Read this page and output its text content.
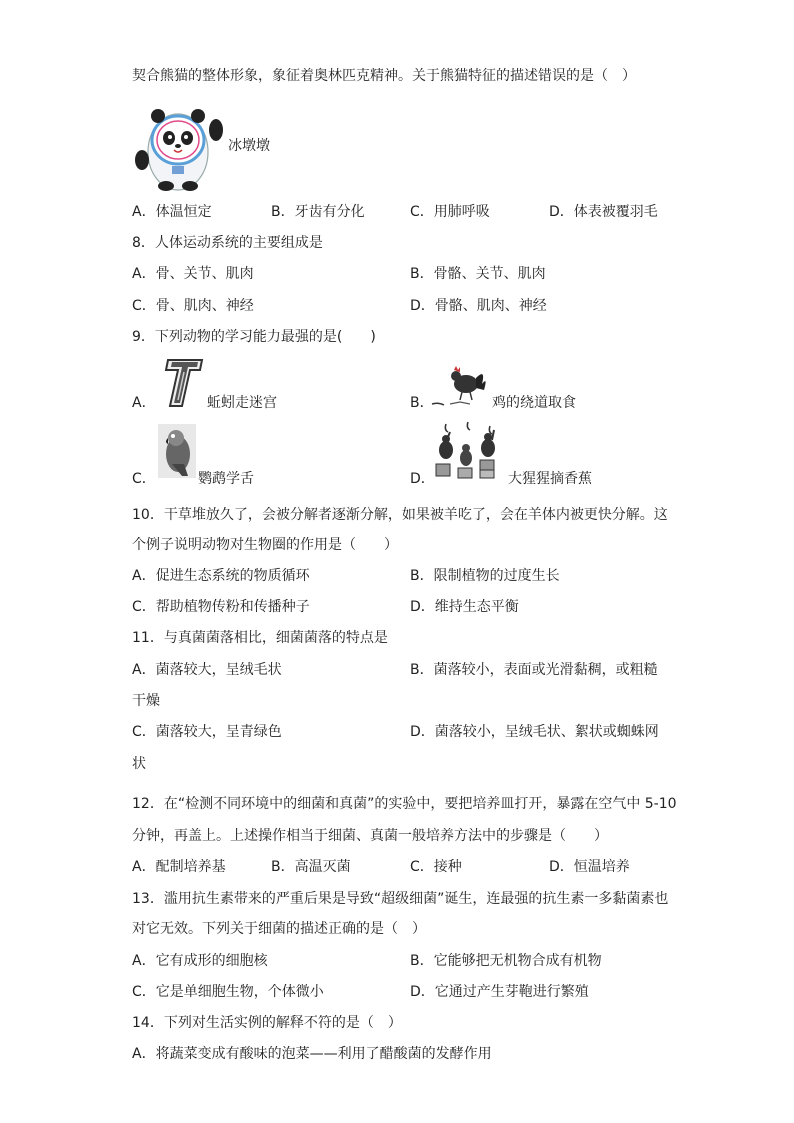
契合熊猫的整体形象，象征着奥林匹克精神。关于熊猫特征的描述错误的是（　）
冰墩墩
A．体温恒定	B．牙齿有分化	C．用肺呼吸	D．体表被覆羽毛
8．人体运动系统的主要组成是
A．骨、关节、肌肉	B．骨骼、关节、肌肉
C．骨、肌肉、神经	D．骨骼、肌肉、神经
9．下列动物的学习能力最强的是(　　)
A．	蚯蚓走迷宫	B．	鸡的绕道取食
C．	鹦鹉学舌	D．	大猩猩摘香蕉
10．干草堆放久了，会被分解者逐渐分解，如果被羊吃了，会在羊体内被更快分解。这
个例子说明动物对生物圈的作用是（　　）
A．促进生态系统的物质循环	B．限制植物的过度生长
C．帮助植物传粉和传播种子	D．维持生态平衡
11．与真菌菌落相比，细菌菌落的特点是
A．菌落较大，呈绒毛状	B．菌落较小，表面或光滑黏稠，或粗糙
干燥
C．菌落较大，呈青绿色	D．菌落较小，呈绒毛状、絮状或蜘蛛网
状
12．在“检测不同环境中的细菌和真菌”的实验中，要把培养皿打开，暴露在空气中 5-10
分钟，再盖上。上述操作相当于细菌、真菌一般培养方法中的步骤是（　　）
A．配制培养基	B．高温灭菌	C．接种	D．恒温培养
13．滥用抗生素带来的严重后果是导致“超级细菌”诞生，连最强的抗生素一多黏菌素也
对它无效。下列关于细菌的描述正确的是（　）
A．它有成形的细胞核	B．它能够把无机物合成有机物
C．它是单细胞生物，个体微小	D．它通过产生芽鞄进行繁殖
14．下列对生活实例的解释不符的是（　）
A．将蔬菜变成有酸味的泡菜——利用了醋酸菌的发酵作用
